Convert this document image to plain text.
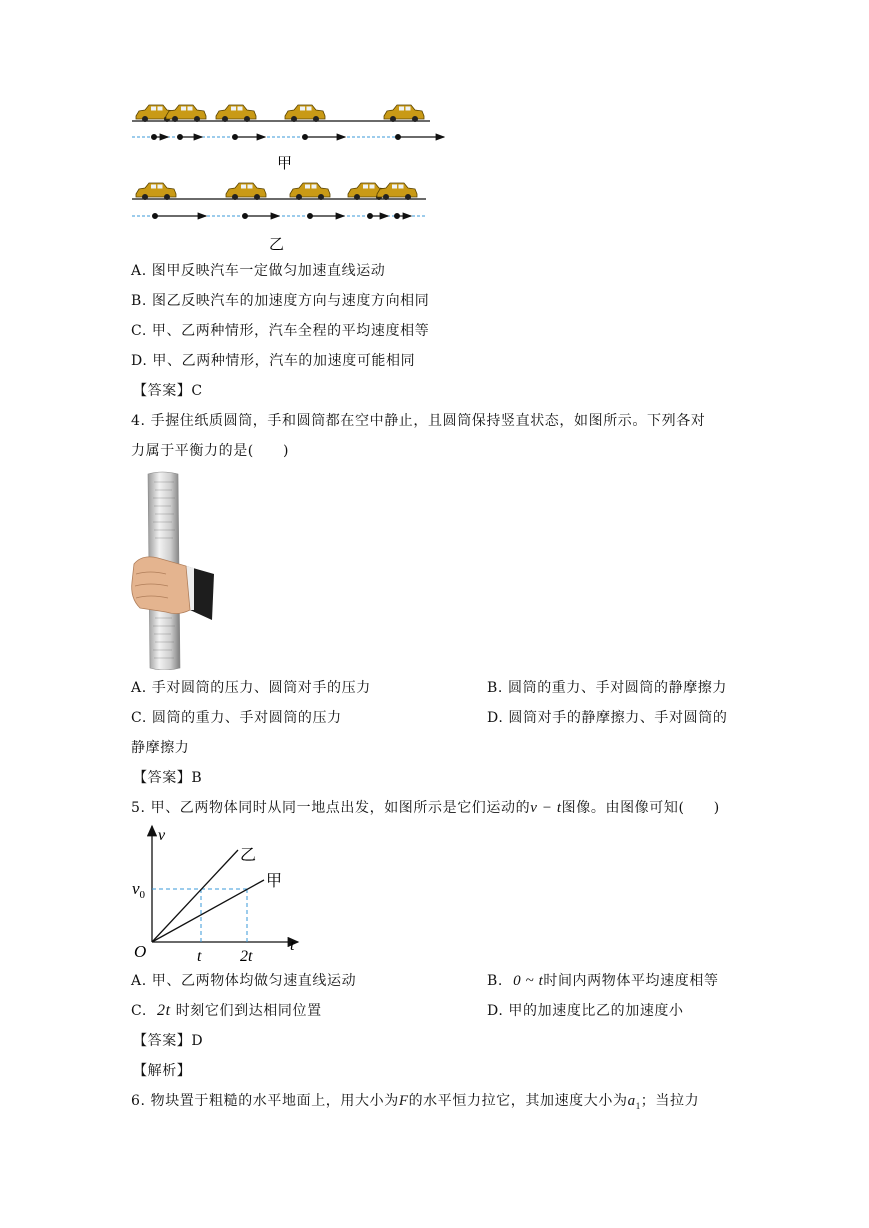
甲
乙
A. 图甲反映汽车一定做匀加速直线运动
B. 图乙反映汽车的加速度方向与速度方向相同
C. 甲、乙两种情形，汽车全程的平均速度相等
D. 甲、乙两种情形，汽车的加速度可能相同
【答案】C
4. 手握住纸质圆筒，手和圆筒都在空中静止，且圆筒保持竖直状态，如图所示。下列各对
力属于平衡力的是(　　)
A. 手对圆筒的压力、圆筒对手的压力	B. 圆筒的重力、手对圆筒的静摩擦力
C. 圆筒的重力、手对圆筒的压力	D. 圆筒对手的静摩擦力、手对圆筒的
静摩擦力
【答案】B
5. 甲、乙两物体同时从同一地点出发，如图所示是它们运动的v − t图像。由图像可知(　　)
v
t
O
$v_0$
t 2t
乙
甲
A. 甲、乙两物体均做匀速直线运动	B. 0 ~ t时间内两物体平均速度相等
C. 2t 时刻它们到达相同位置	D. 甲的加速度比乙的加速度小
【答案】D
【解析】
6. 物块置于粗糙的水平地面上，用大小为F的水平恒力拉它，其加速度大小为$a_1$；当拉力
